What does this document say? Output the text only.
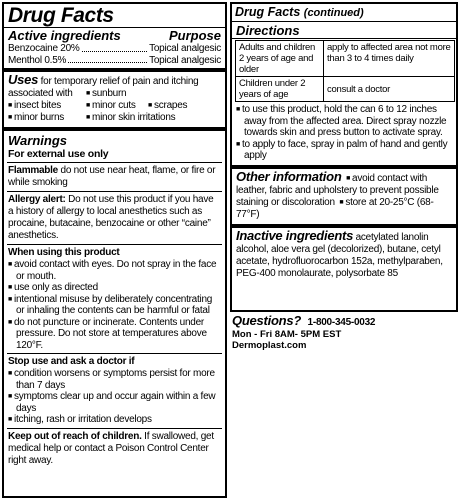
Drug Facts
Active ingredients	Purpose
Benzocaine 20%	Topical analgesic
Menthol 0.5%	Topical analgesic
Uses for temporary relief of pain and itching
associated with	■ sunburn
■ insect bites	■ minor cuts	■ scrapes
■ minor burns	■ minor skin irritations
Warnings
For external use only
Flammable do not use near heat, flame, or fire or while smoking
Allergy alert: Do not use this product if you have a history of allergy to local anesthetics such as procaine, butacaine, benzocaine or other “caine” anesthetics.
When using this product
■ avoid contact with eyes. Do not spray in the face or mouth.
■ use only as directed
■ intentional misuse by deliberately concentrating or inhaling the contents can be harmful or fatal
■ do not puncture or incinerate. Contents under pressure. Do not store at temperatures above 120°F.
Stop use and ask a doctor if
■ condition worsens or symptoms persist for more than 7 days
■ symptoms clear up and occur again within a few days
■ itching, rash or irritation develops
Keep out of reach of children. If swallowed, get medical help or contact a Poison Control Center right away.
Drug Facts (continued)
Directions
Adults and children 2 years of age and older	apply to affected area not more than 3 to 4 times daily
Children under 2 years of age	consult a doctor
■ to use this product, hold the can 6 to 12 inches away from the affected area. Direct spray nozzle towards skin and press button to activate spray.
■ to apply to face, spray in palm of hand and gently apply
Other information ■ avoid contact with leather, fabric and upholstery to prevent possible staining or discoloration ■ store at 20-25°C (68-77°F)
Inactive ingredients acetylated lanolin alcohol, aloe vera gel (decolorized), butane, cetyl acetate, hydrofluorocarbon 152a, methylparaben, PEG-400 monolaurate, polysorbate 85
Questions? 1-800-345-0032
Mon - Fri 8AM- 5PM EST
Dermoplast.com
